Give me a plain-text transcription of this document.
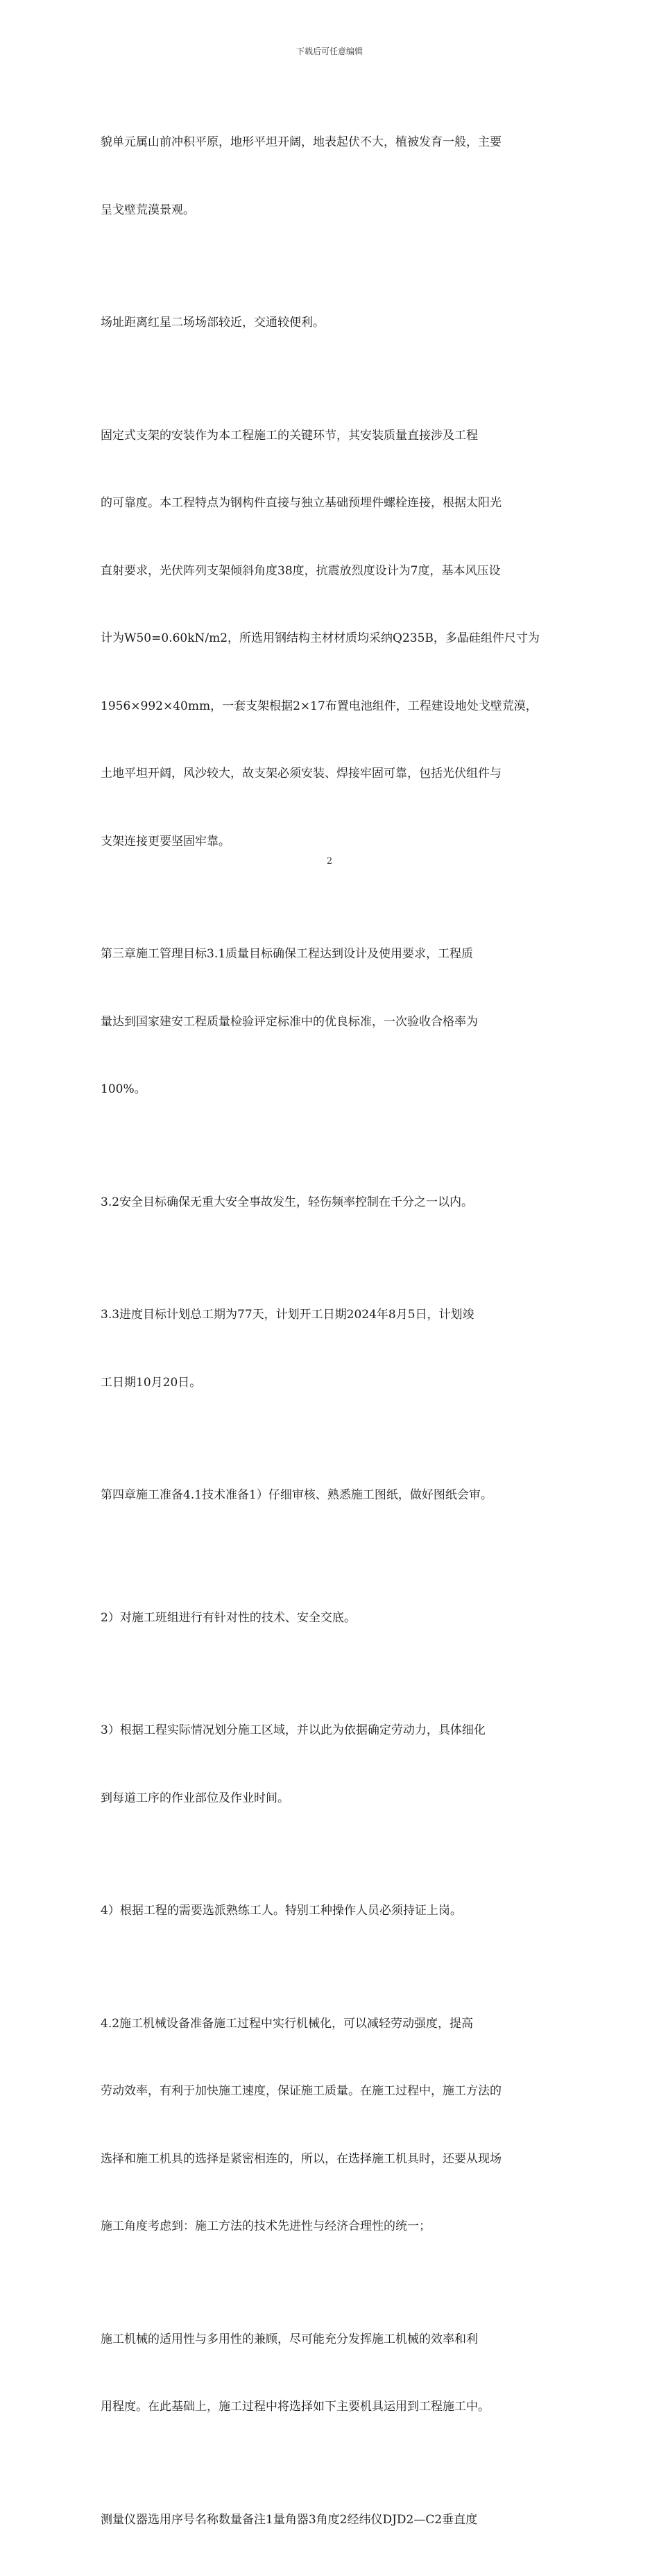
下载后可任意编辑

貌单元属山前冲积平原，地形平坦开阔，地表起伏不大，植被发育一般，主要

呈戈壁荒漠景观。

场址距离红星二场场部较近，交通较便利。

固定式支架的安装作为本工程施工的关键环节，其安装质量直接涉及工程

的可靠度。本工程特点为钢构件直接与独立基础预埋件螺栓连接，根据太阳光

直射要求，光伏阵列支架倾斜角度38度，抗震放烈度设计为7度，基本风压设

计为W50=0.60kN/m2，所选用钢结构主材材质均采纳Q235B，多晶硅组件尺寸为

1956×992×40mm，一套支架根据2×17布置电池组件，工程建设地处戈壁荒漠，

土地平坦开阔，风沙较大，故支架必须安装、焊接牢固可靠，包括光伏组件与

支架连接更要坚固牢靠。

第三章施工管理目标3.1质量目标确保工程达到设计及使用要求，工程质

量达到国家建安工程质量检验评定标准中的优良标准，一次验收合格率为

100%。

3.2安全目标确保无重大安全事故发生，轻伤频率控制在千分之一以内。

3.3进度目标计划总工期为77天，计划开工日期2024年8月5日，计划竣

工日期10月20日。

第四章施工准备4.1技术准备1）仔细审核、熟悉施工图纸，做好图纸会审。

2）对施工班组进行有针对性的技术、安全交底。

3）根据工程实际情况划分施工区域，并以此为依据确定劳动力，具体细化

到每道工序的作业部位及作业时间。

4）根据工程的需要选派熟练工人。特别工种操作人员必须持证上岗。

4.2施工机械设备准备施工过程中实行机械化，可以减轻劳动强度，提高

劳动效率，有利于加快施工速度，保证施工质量。在施工过程中，施工方法的

选择和施工机具的选择是紧密相连的，所以，在选择施工机具时，还要从现场

施工角度考虑到：施工方法的技术先进性与经济合理性的统一；

施工机械的适用性与多用性的兼顾，尽可能充分发挥施工机械的效率和利

用程度。在此基础上，施工过程中将选择如下主要机具运用到工程施工中。

测量仪器选用序号名称数量备注1量角器3角度2经纬仪DJD2—C2垂直度

2
